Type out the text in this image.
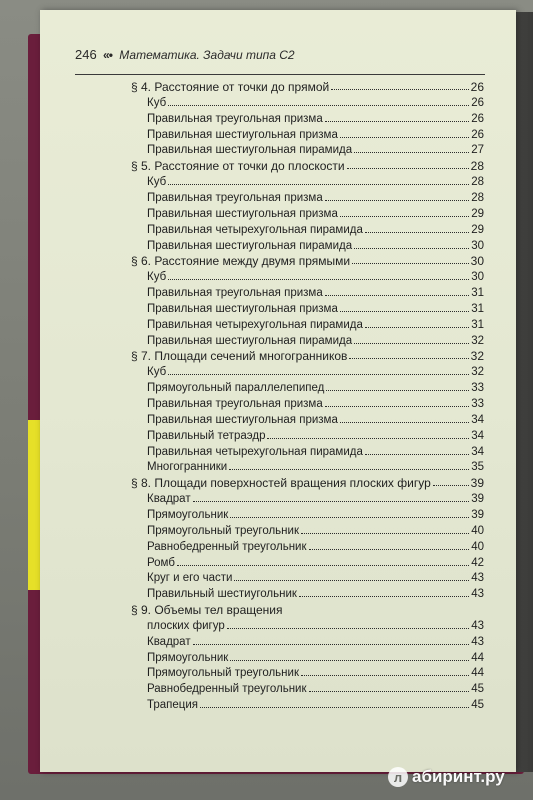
246 «• Математика. Задачи типа С2
§ 4. Расстояние от точки до прямой	26
Куб	26
Правильная треугольная призма	26
Правильная шестиугольная призма	26
Правильная шестиугольная пирамида	27
§ 5. Расстояние от точки до плоскости	28
Куб	28
Правильная треугольная призма	28
Правильная шестиугольная призма	29
Правильная четырехугольная пирамида	29
Правильная шестиугольная пирамида	30
§ 6. Расстояние между двумя прямыми	30
Куб	30
Правильная треугольная призма	31
Правильная шестиугольная призма	31
Правильная четырехугольная пирамида	31
Правильная шестиугольная пирамида	32
§ 7. Площади сечений многогранников	32
Куб	32
Прямоугольный параллелепипед	33
Правильная треугольная призма	33
Правильная шестиугольная призма	34
Правильный тетраэдр	34
Правильная четырехугольная пирамида	34
Многогранники	35
§ 8. Площади поверхностей вращения плоских фигур	39
Квадрат	39
Прямоугольник	39
Прямоугольный треугольник	40
Равнобедренный треугольник	40
Ромб	42
Круг и его части	43
Правильный шестиугольник	43
§ 9. Объемы тел вращения
плоских фигур	43
Квадрат	43
Прямоугольник	44
Прямоугольный треугольник	44
Равнобедренный треугольник	45
Трапеция	45
л абиринт.ру
